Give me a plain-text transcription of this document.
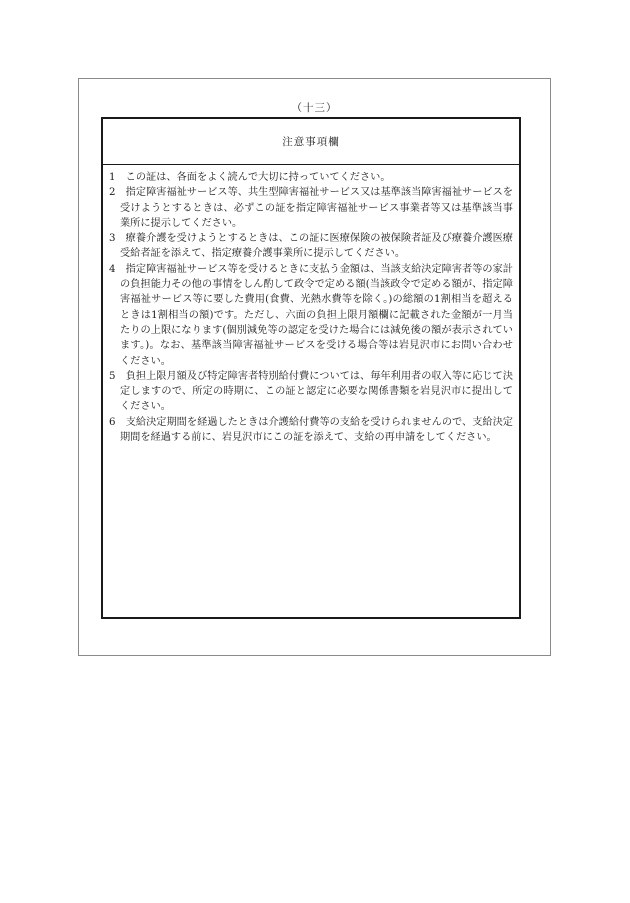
（十三）
注意事項欄

1　この証は、各面をよく読んで大切に持っていてください。

2　指定障害福祉サービス等、共生型障害福祉サービス又は基準該当障害福祉サービスを受けようとするときは、必ずこの証を指定障害福祉サービス事業者等又は基準該当事業所に提示してください。

3　療養介護を受けようとするときは、この証に医療保険の被保険者証及び療養介護医療受給者証を添えて、指定療養介護事業所に提示してください。

4　指定障害福祉サービス等を受けるときに支払う金額は、当該支給決定障害者等の家計の負担能力その他の事情をしん酌して政令で定める額(当該政令で定める額が、指定障害福祉サービス等に要した費用(食費、光熱水費等を除く。)の総額の1割相当を超えるときは1割相当の額)です。ただし、六面の負担上限月額欄に記載された金額が一月当たりの上限になります(個別減免等の認定を受けた場合には減免後の額が表示されています。)。なお、基準該当障害福祉サービスを受ける場合等は岩見沢市にお問い合わせください。

5　負担上限月額及び特定障害者特別給付費については、毎年利用者の収入等に応じて決定しますので、所定の時期に、この証と認定に必要な関係書類を岩見沢市に提出してください。

6　支給決定期間を経過したときは介護給付費等の支給を受けられませんので、支給決定期間を経過する前に、岩見沢市にこの証を添えて、支給の再申請をしてください。
